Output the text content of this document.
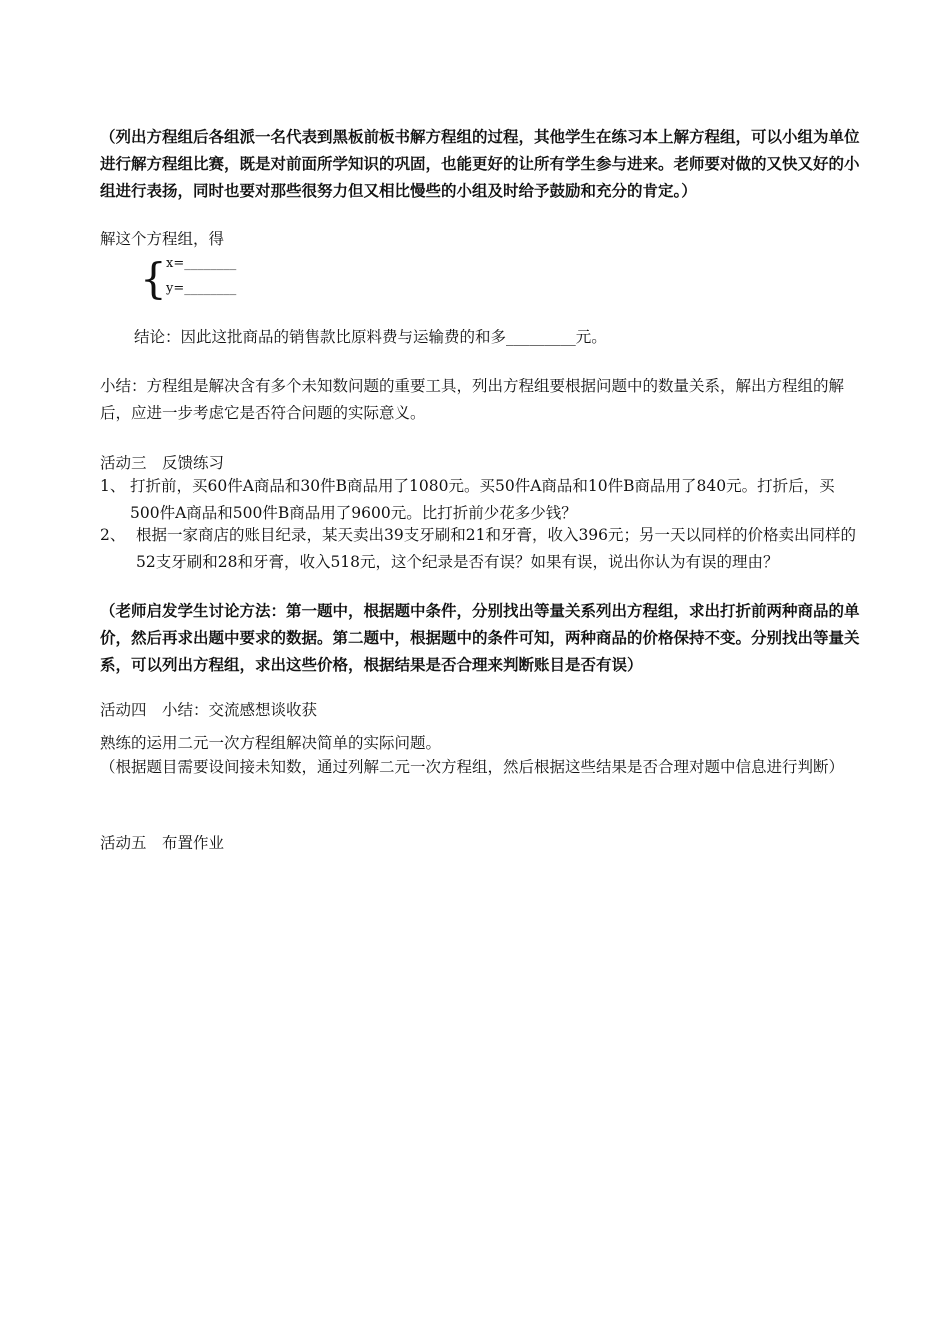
（列出方程组后各组派一名代表到黑板前板书解方程组的过程，其他学生在练习本上解方程组，可以小组为单位进行解方程组比赛，既是对前面所学知识的巩固，也能更好的让所有学生参与进来。老师要对做的又快又好的小组进行表扬，同时也要对那些很努力但又相比慢些的小组及时给予鼓励和充分的肯定。）
解这个方程组，得
{ x=________
y=________
结论：因此这批商品的销售款比原料费与运输费的和多_________元。
小结：方程组是解决含有多个未知数问题的重要工具，列出方程组要根据问题中的数量关系，解出方程组的解后，应进一步考虑它是否符合问题的实际意义。
活动三　反馈练习
1、 打折前，买60件A商品和30件B商品用了1080元。买50件A商品和10件B商品用了840元。打折后，买500件A商品和500件B商品用了9600元。比打折前少花多少钱？
2、 根据一家商店的账目纪录，某天卖出39支牙刷和21和牙膏，收入396元；另一天以同样的价格卖出同样的52支牙刷和28和牙膏，收入518元，这个纪录是否有误？如果有误，说出你认为有误的理由？
（老师启发学生讨论方法：第一题中，根据题中条件，分别找出等量关系列出方程组，求出打折前两种商品的单价，然后再求出题中要求的数据。第二题中，根据题中的条件可知，两种商品的价格保持不变。分别找出等量关系，可以列出方程组，求出这些价格，根据结果是否合理来判断账目是否有误）
活动四　小结：交流感想谈收获
熟练的运用二元一次方程组解决简单的实际问题。
（根据题目需要设间接未知数，通过列解二元一次方程组，然后根据这些结果是否合理对题中信息进行判断）
活动五　布置作业
